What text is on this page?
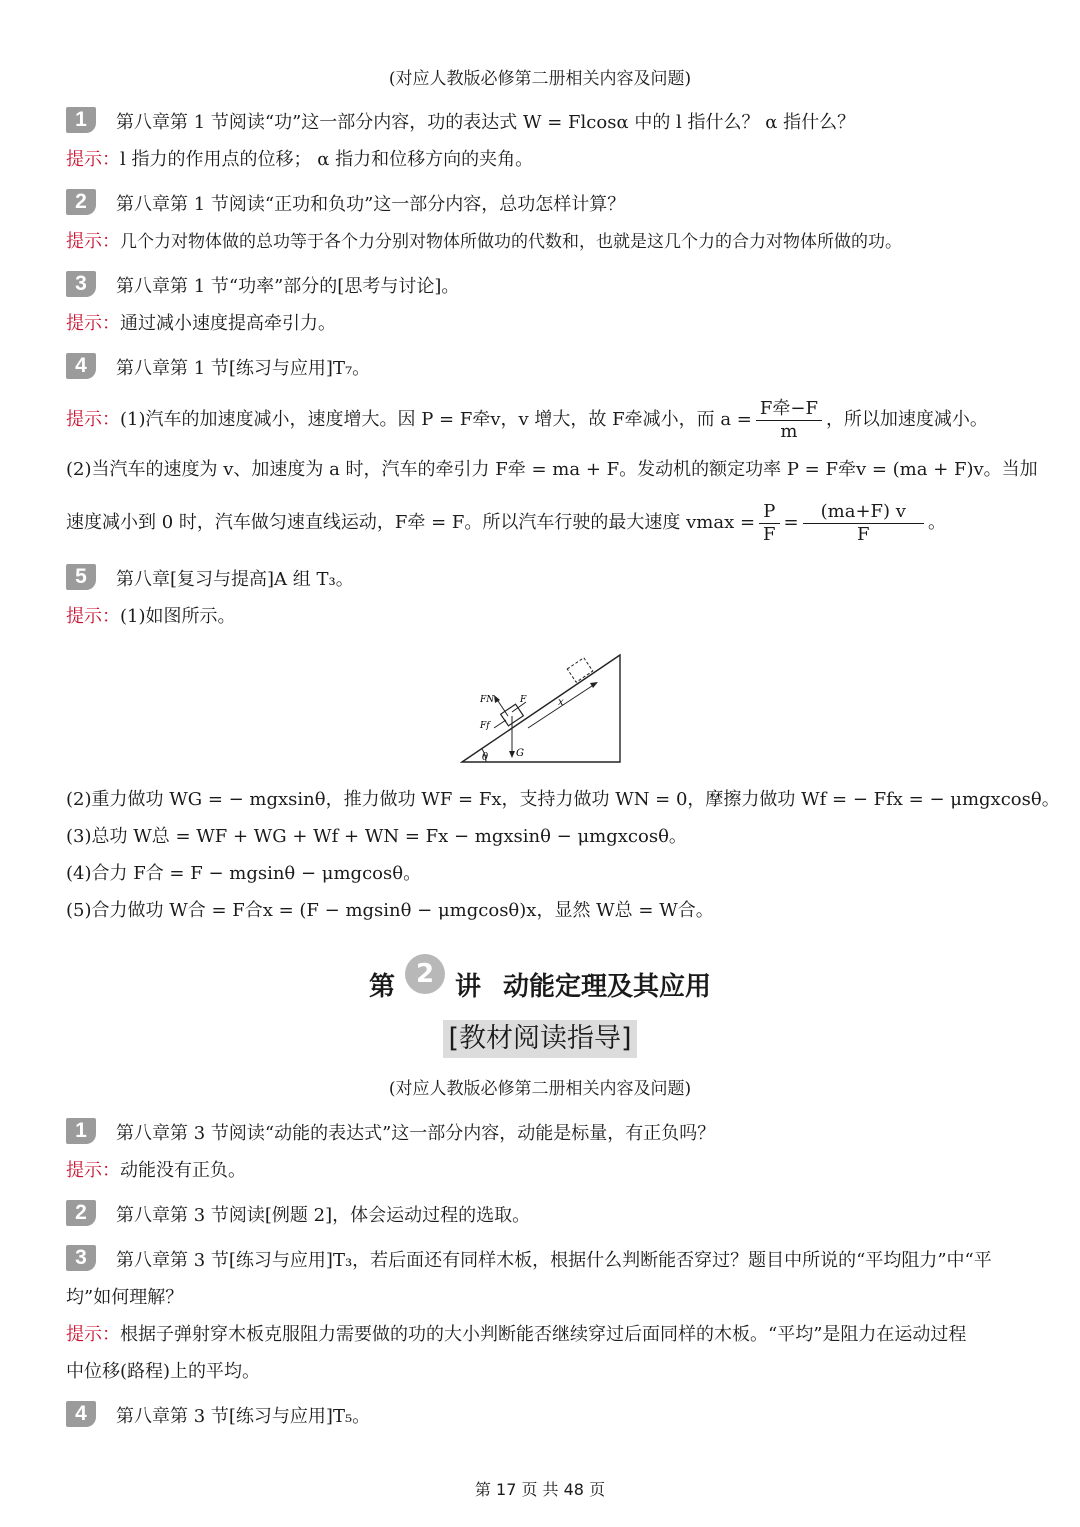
(对应人教版必修第二册相关内容及问题)
1	第八章第 1 节阅读“功”这一部分内容，功的表达式 W = Flcosα 中的 l 指什么？ α 指什么？
提示：l 指力的作用点的位移； α 指力和位移方向的夹角。
2	第八章第 1 节阅读“正功和负功”这一部分内容，总功怎样计算？
提示：几个力对物体做的总功等于各个力分别对物体所做功的代数和，也就是这几个力的合力对物体所做的功。
3	第八章第 1 节“功率”部分的[思考与讨论]。
提示：通过减小速度提高牵引力。
4	第八章第 1 节[练习与应用]T₇。
提示：(1)汽车的加速度减小，速度增大。因 P = F牵v，v 增大，故 F牵减小，而 $a = \frac{\text{F牵−F}}{m}$ ，所以加速度减小。
(2)当汽车的速度为 v、加速度为 a 时，汽车的牵引力 F牵 = ma + F。发动机的额定功率 P = F牵v = (ma + F)v。当加
速度减小到 0 时，汽车做匀速直线运动，F牵 = F。所以汽车行驶的最大速度 $vmax = \frac{P}{F} = \frac{(ma+F) v}{F}$ 。
5	第八章[复习与提高]A 组 T₃。
提示：(1)如图所示。
θ
x
FN	F
Ff
G
(2)重力做功 WG = − mgxsinθ，推力做功 WF = Fx，支持力做功 WN = 0，摩擦力做功 Wf = − Ffx = − μmgxcosθ。
(3)总功 W总 = WF + WG + Wf + WN = Fx − mgxsinθ − μmgxcosθ。
(4)合力 F合 = F − mgsinθ − μmgcosθ。
(5)合力做功 W合 = F合x = (F − mgsinθ − μmgcosθ)x，显然 W总 = W合。
第 2 讲 动能定理及其应用
[教材阅读指导]
(对应人教版必修第二册相关内容及问题)
1	第八章第 3 节阅读“动能的表达式”这一部分内容，动能是标量，有正负吗？
提示：动能没有正负。
2	第八章第 3 节阅读[例题 2]，体会运动过程的选取。
3	第八章第 3 节[练习与应用]T₃，若后面还有同样木板，根据什么判断能否穿过？题目中所说的“平均阻力”中“平
均”如何理解？
提示：根据子弹射穿木板克服阻力需要做的功的大小判断能否继续穿过后面同样的木板。“平均”是阻力在运动过程
中位移(路程)上的平均。
4	第八章第 3 节[练习与应用]T₅。
第 17 页 共 48 页
